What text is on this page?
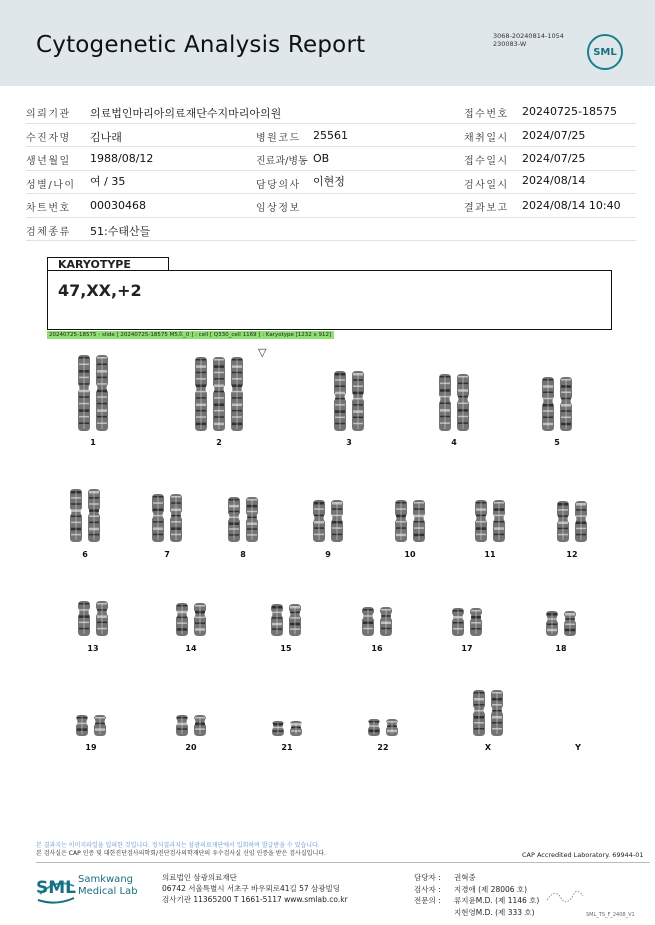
Cytogenetic Analysis Report	3068-20240814-1054
230083-W
SML
의뢰기관 의료법인마리아의료재단수지마리아의원	접수번호 20240725-18575
수진자명 김나래	병원코드 25561	채취일시 2024/07/25
생년월일 1988/08/12	진료과/병동 OB	접수일시 2024/07/25
성별/나이 여 / 35	담당의사 이현정	검사일시 2024/08/14
차트번호 00030468	임상정보	결과보고 2024/08/14 10:40
검체종류 51:수태산들
KARYOTYPE
47,XX,+2
20240725-18575 - slide [ 20240725-18575 M5호_0 ] : cell [ Q330_cell 1169 ] : Karyotype [1232 x 912]
▽
1	2	3	4	5
6	7	8	9	10	11	12
13	14	15	16	17	18
19	20	21	22	X	Y
본 결과지는 이미지파일을 입혀한 것입니다. 정식결과지는 삼광의료재단에서 입회하여 발급받을 수 있습니다.
본 검사실은 CAP 인증 및 대한진단검사의학회/진단검사의학재단의 우수검사실 신임 인증을 받은 검사실입니다.	CAP Accredited Laboratory. 69944-01
SML Samkwang
Medical Lab
의료법인 삼광의료재단
06742 서울특별시 서초구 바우뫼로41길 57 삼광빌딩
검사기관 11365200 T 1661-5117 www.smlab.co.kr
담당자 : 권혁중
검사자 : 지경애 (제 28006 호)
전문의 : 류지윤M.D. (제 1146 호)
지현영M.D. (제 333 호)	SML_TS_F_2408_V1
